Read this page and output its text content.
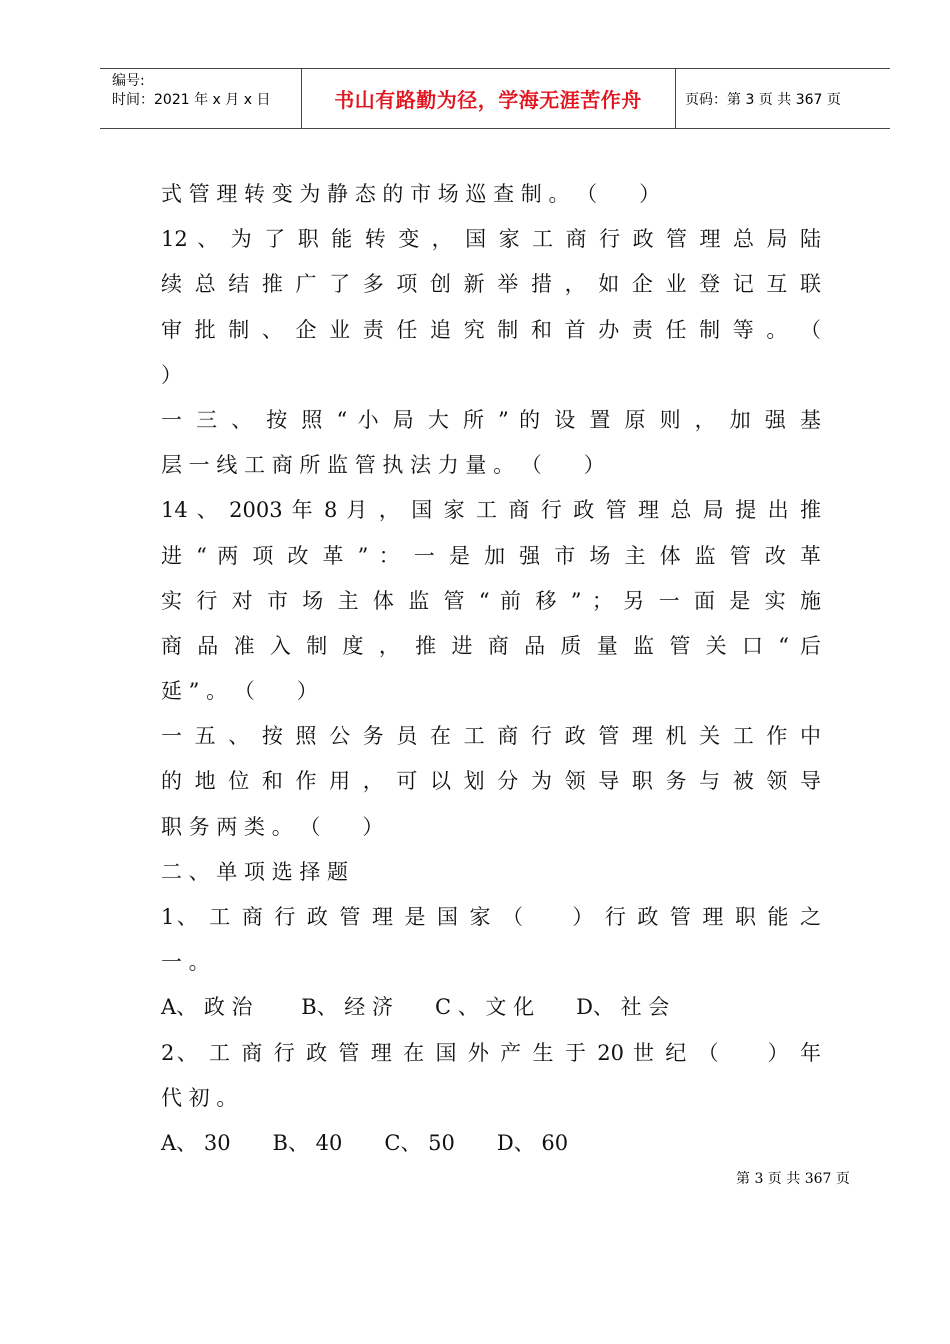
编号:
时间：2021 年 x 月 x 日	书山有路勤为径，学海无涯苦作舟	页码：第 3 页 共 367 页
式 管 理 转 变 为 静 态 的 市 场 巡 查 制 。 （　　）
12 、 为 了 职 能 转 变 ， 国 家 工 商 行 政 管 理 总 局 陆
续 总 结 推 广 了 多 项 创 新 举 措 ， 如 企 业 登 记 互 联
审 批 制 、 企 业 责 任 追 究 制 和 首 办 责 任 制 等 。 （
）
一 三 、 按 照 “ 小 局 大 所 ” 的 设 置 原 则 ， 加 强 基
层 一 线 工 商 所 监 管 执 法 力 量 。 （　　）
14 、 2003 年 8 月 ， 国 家 工 商 行 政 管 理 总 局 提 出 推
进 “ 两 项 改 革 ” ： 一 是 加 强 市 场 主 体 监 管 改 革
实 行 对 市 场 主 体 监 管 “ 前 移 ” ； 另 一 面 是 实 施
商 品 准 入 制 度 ， 推 进 商 品 质 量 监 管 关 口 “ 后
延 ” 。 （　　）
一 五 、 按 照 公 务 员 在 工 商 行 政 管 理 机 关 工 作 中
的 地 位 和 作 用 ， 可 以 划 分 为 领 导 职 务 与 被 领 导
职 务 两 类 。 （　　）
二 、 单 项 选 择 题
1、 工 商 行 政 管 理 是 国 家 （　　） 行 政 管 理 职 能 之
一 。
A、 政 治　　 B、 经 济　　C 、 文 化　　D、 社 会
2、 工 商 行 政 管 理 在 国 外 产 生 于 20 世 纪 （　　） 年
代 初 。
A、 30　　B、 40　　C、 50　　D、 60
第 3 页 共 367 页
